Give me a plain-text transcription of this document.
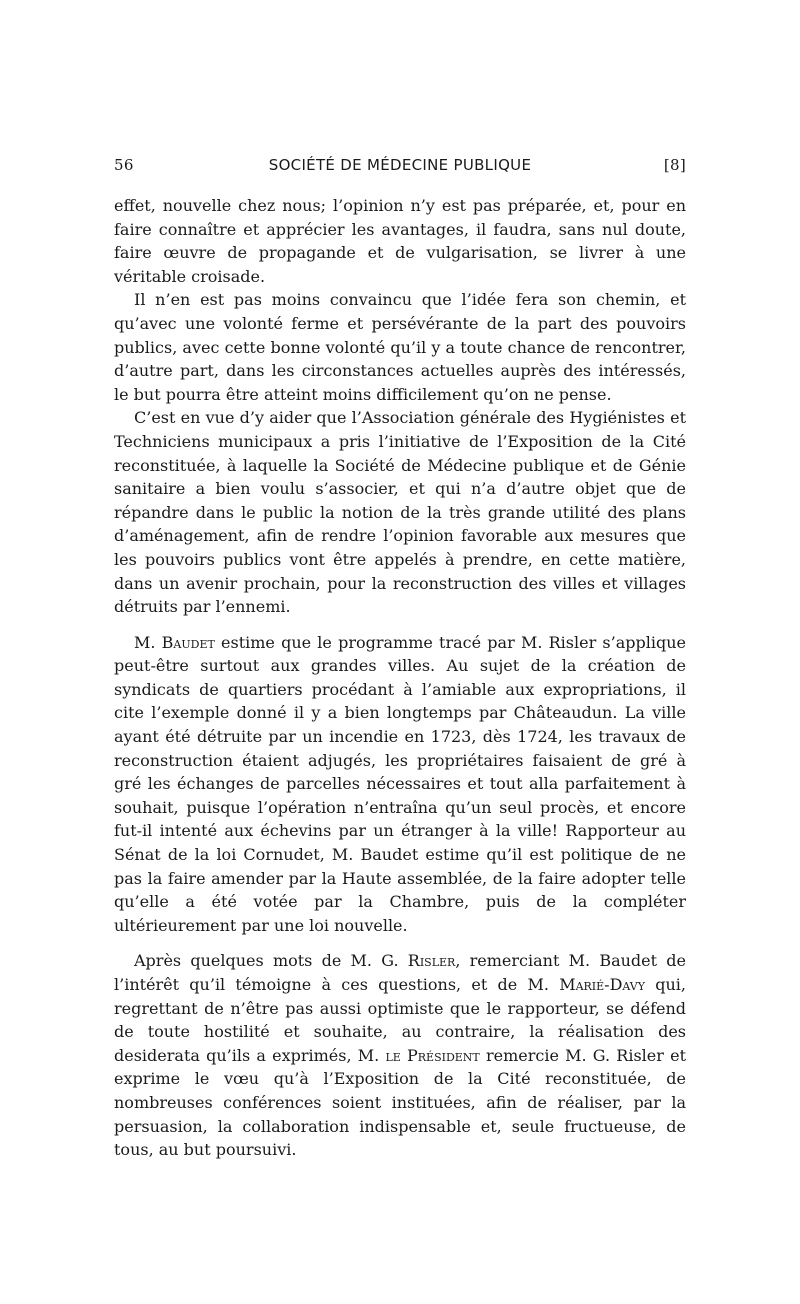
56	SOCIÉTÉ DE MÉDECINE PUBLIQUE	[8]

effet, nouvelle chez nous; l’opinion n’y est pas préparée, et, pour en faire connaître et apprécier les avantages, il faudra, sans nul doute, faire œuvre de propagande et de vulgarisation, se livrer à une véritable croisade.

Il n’en est pas moins convaincu que l’idée fera son chemin, et qu’avec une volonté ferme et persévérante de la part des pouvoirs publics, avec cette bonne volonté qu’il y a toute chance de rencontrer, d’autre part, dans les circonstances actuelles auprès des intéressés, le but pourra être atteint moins difficilement qu’on ne pense.

C’est en vue d’y aider que l’Association générale des Hygiénistes et Techniciens municipaux a pris l’initiative de l’Exposition de la Cité reconstituée, à laquelle la Société de Médecine publique et de Génie sanitaire a bien voulu s’associer, et qui n’a d’autre objet que de répandre dans le public la notion de la très grande utilité des plans d’aménagement, afin de rendre l’opinion favorable aux mesures que les pouvoirs publics vont être appelés à prendre, en cette matière, dans un avenir prochain, pour la reconstruction des villes et villages détruits par l’ennemi.

M. Baudet estime que le programme tracé par M. Risler s’applique peut-être surtout aux grandes villes. Au sujet de la création de syndicats de quartiers procédant à l’amiable aux expropriations, il cite l’exemple donné il y a bien longtemps par Châteaudun. La ville ayant été détruite par un incendie en 1723, dès 1724, les travaux de reconstruction étaient adjugés, les propriétaires faisaient de gré à gré les échanges de parcelles nécessaires et tout alla parfaitement à souhait, puisque l’opération n’entraîna qu’un seul procès, et encore fut-il intenté aux échevins par un étranger à la ville! Rapporteur au Sénat de la loi Cornudet, M. Baudet estime qu’il est politique de ne pas la faire amender par la Haute assemblée, de la faire adopter telle qu’elle a été votée par la Chambre, puis de la compléter ultérieurement par une loi nouvelle.

Après quelques mots de M. G. Risler, remerciant M. Baudet de l’intérêt qu’il témoigne à ces questions, et de M. Marié-Davy qui, regrettant de n’être pas aussi optimiste que le rapporteur, se défend de toute hostilité et souhaite, au contraire, la réalisation des desiderata qu’ils a exprimés, M. le Président remercie M. G. Risler et exprime le vœu qu’à l’Exposition de la Cité reconstituée, de nombreuses conférences soient instituées, afin de réaliser, par la persuasion, la collaboration indispensable et, seule fructueuse, de tous, au but poursuivi.
